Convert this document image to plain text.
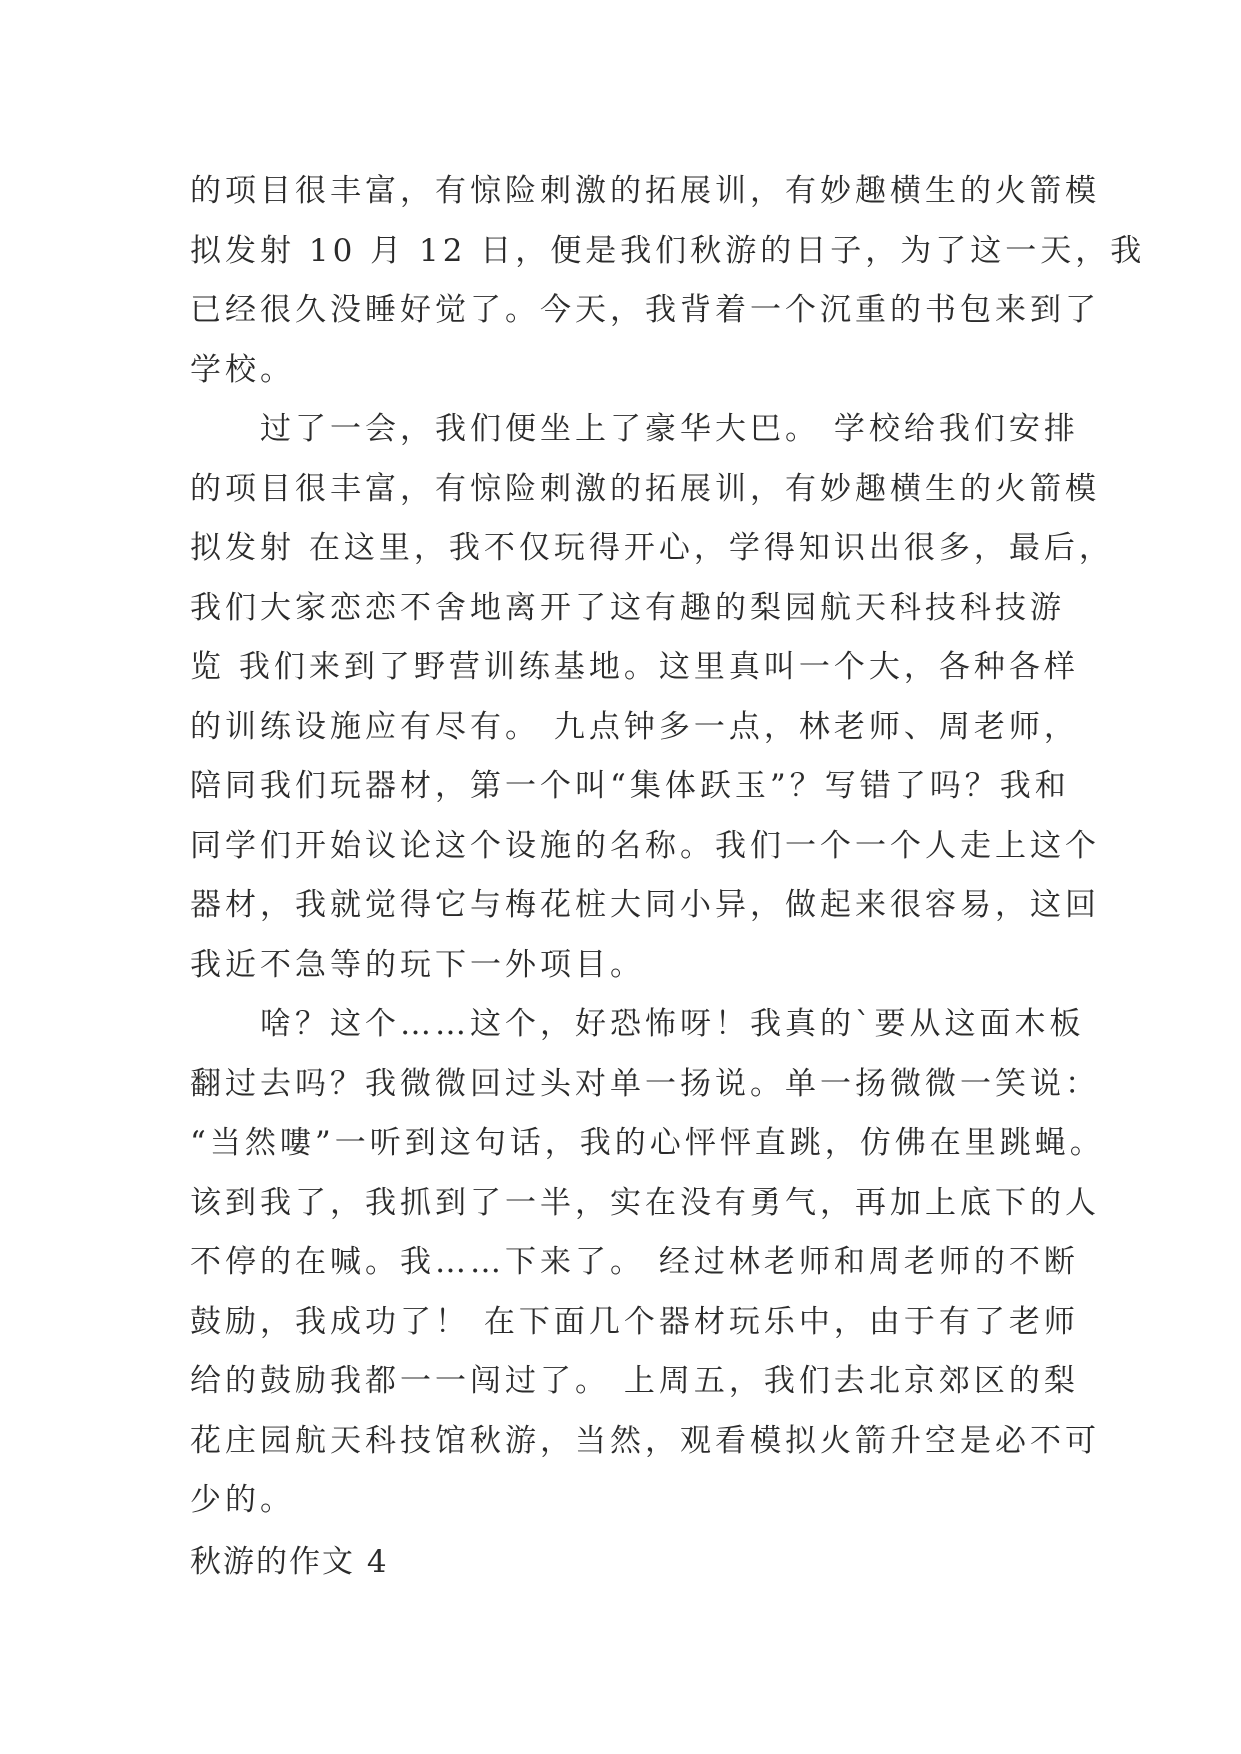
的项目很丰富，有惊险刺激的拓展训，有妙趣横生的火箭模
拟发射 10 月 12 日，便是我们秋游的日子，为了这一天，我
已经很久没睡好觉了。今天，我背着一个沉重的书包来到了
学校。
过了一会，我们便坐上了豪华大巴。 学校给我们安排
的项目很丰富，有惊险刺激的拓展训，有妙趣横生的火箭模
拟发射 在这里，我不仅玩得开心，学得知识出很多，最后，
我们大家恋恋不舍地离开了这有趣的梨园航天科技科技游
览 我们来到了野营训练基地。这里真叫一个大，各种各样
的训练设施应有尽有。 九点钟多一点，林老师、周老师，
陪同我们玩器材，第一个叫“集体跃玉”？写错了吗？我和
同学们开始议论这个设施的名称。我们一个一个人走上这个
器材，我就觉得它与梅花桩大同小异，做起来很容易，这回
我近不急等的玩下一外项目。
啥？这个……这个，好恐怖呀！我真的`要从这面木板
翻过去吗？我微微回过头对单一扬说。单一扬微微一笑说：
“当然嘍”一听到这句话，我的心怦怦直跳，仿佛在里跳蝇。
该到我了，我抓到了一半，实在没有勇气，再加上底下的人
不停的在喊。我……下来了。 经过林老师和周老师的不断
鼓励，我成功了！ 在下面几个器材玩乐中，由于有了老师
给的鼓励我都一一闯过了。 上周五，我们去北京郊区的梨
花庄园航天科技馆秋游，当然，观看模拟火箭升空是必不可
少的。
秋游的作文 4
